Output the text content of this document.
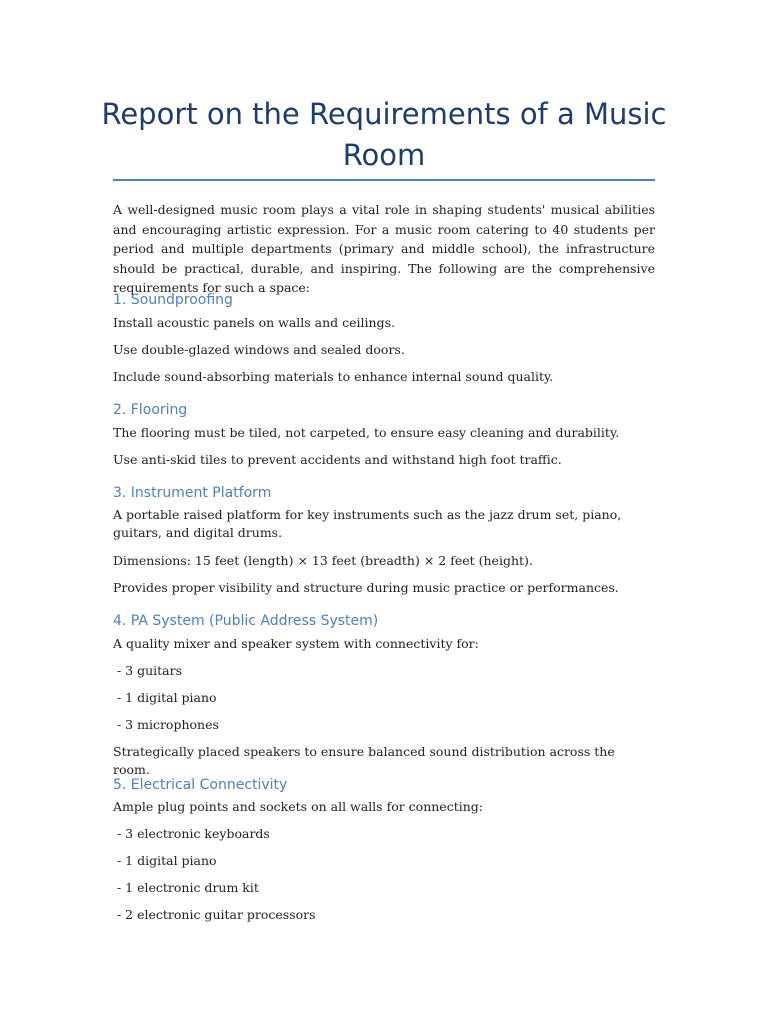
Report on the Requirements of a Music Room

A well-designed music room plays a vital role in shaping students' musical abilities and encouraging artistic expression. For a music room catering to 40 students per period and multiple departments (primary and middle school), the infrastructure should be practical, durable, and inspiring. The following are the comprehensive requirements for such a space:

1. Soundproofing

Install acoustic panels on walls and ceilings.

Use double-glazed windows and sealed doors.

Include sound-absorbing materials to enhance internal sound quality.

2. Flooring

The flooring must be tiled, not carpeted, to ensure easy cleaning and durability.

Use anti-skid tiles to prevent accidents and withstand high foot traffic.

3. Instrument Platform

A portable raised platform for key instruments such as the jazz drum set, piano, guitars, and digital drums.

Dimensions: 15 feet (length) × 13 feet (breadth) × 2 feet (height).

Provides proper visibility and structure during music practice or performances.

4. PA System (Public Address System)

A quality mixer and speaker system with connectivity for:

- 3 guitars

- 1 digital piano

- 3 microphones

Strategically placed speakers to ensure balanced sound distribution across the room.

5. Electrical Connectivity

Ample plug points and sockets on all walls for connecting:

- 3 electronic keyboards

- 1 digital piano

- 1 electronic drum kit

- 2 electronic guitar processors
